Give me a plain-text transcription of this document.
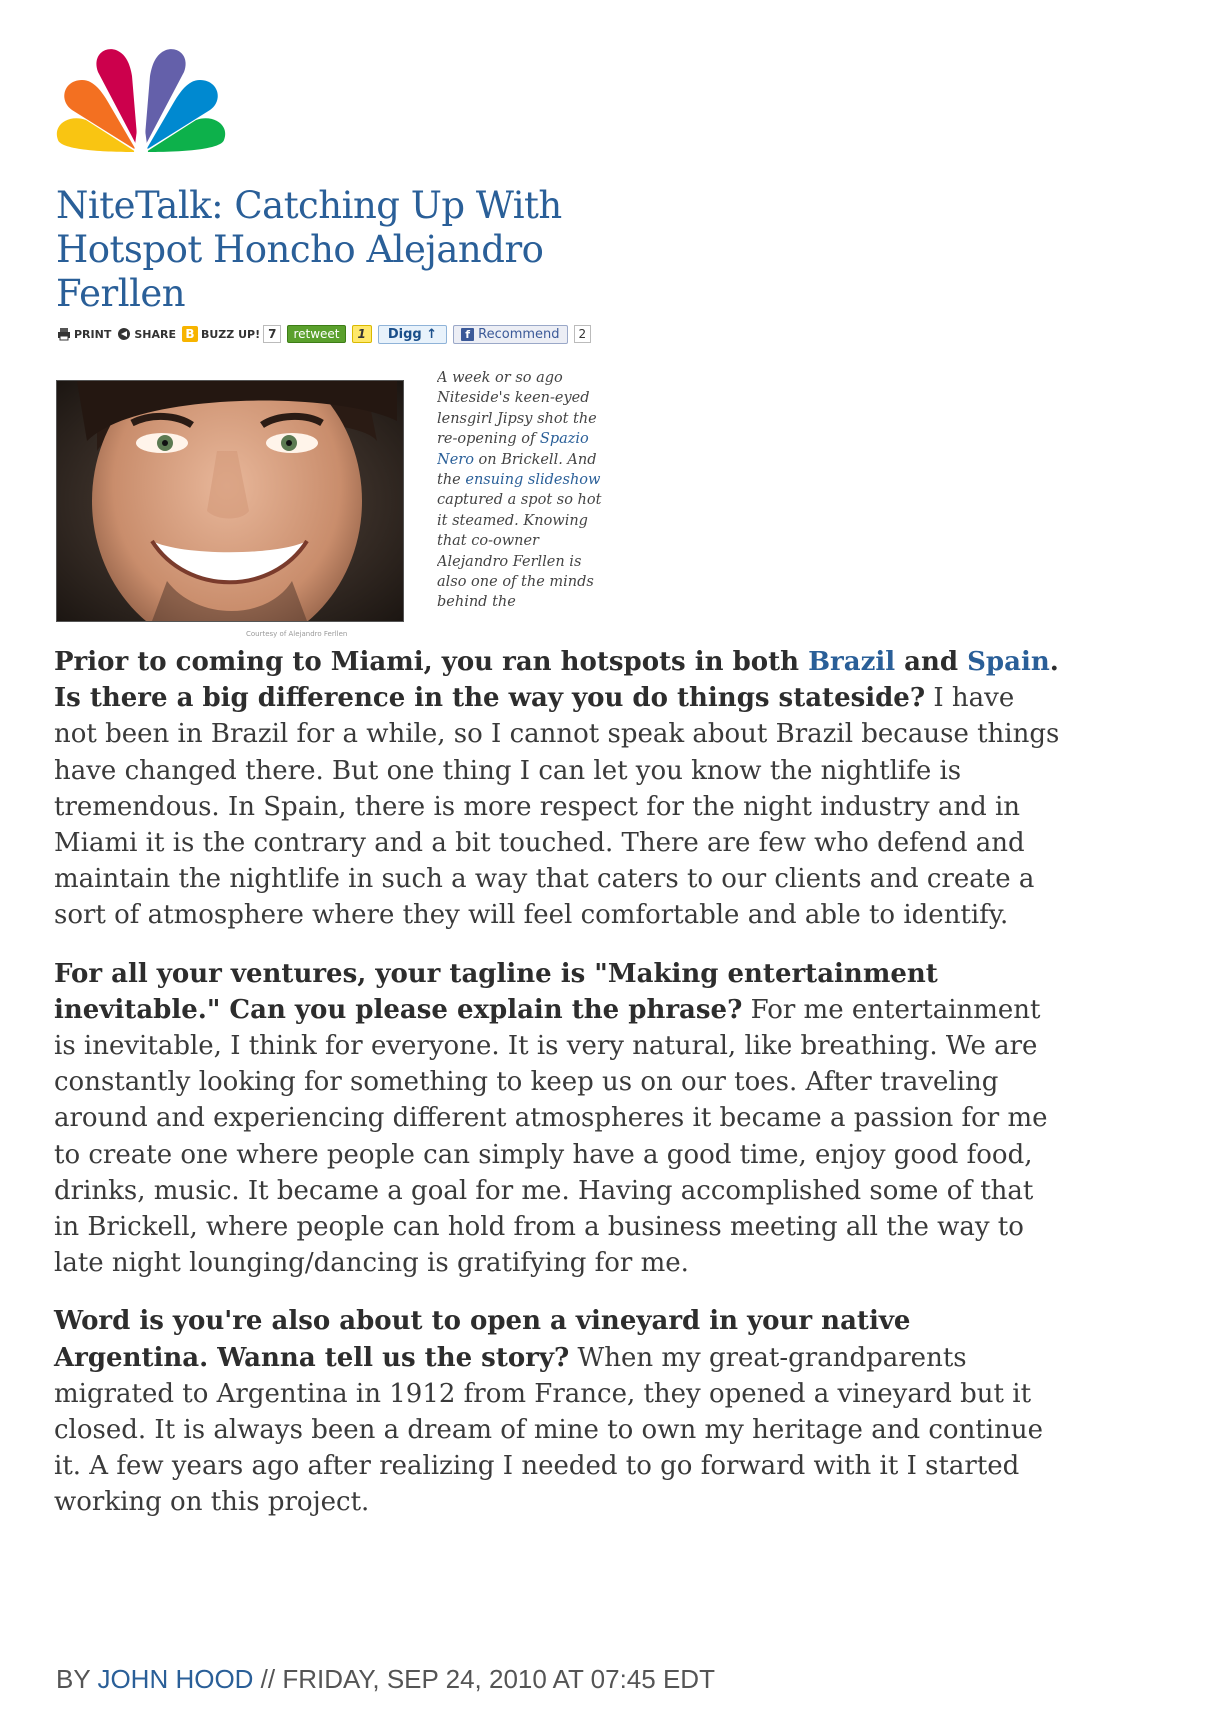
NiteTalk: Catching Up With Hotspot Honcho Alejandro Ferllen
PRINT SHARE B BUZZ UP! 7	retweet	1	Digg ↑	f Recommend	2
Courtesy of Alejandro Ferllen
A week or so ago Niteside's keen-eyed lensgirl Jipsy shot the re-opening of Spazio Nero on Brickell. And the ensuing slideshow captured a spot so hot it steamed. Knowing that co-owner Alejandro Ferllen is also one of the minds behind the

Prior to coming to Miami, you ran hotspots in both Brazil and Spain. Is there a big difference in the way you do things stateside? I have not been in Brazil for a while, so I cannot speak about Brazil because things have changed there. But one thing I can let you know the nightlife is tremendous. In Spain, there is more respect for the night industry and in Miami it is the contrary and a bit touched. There are few who defend and maintain the nightlife in such a way that caters to our clients and create a sort of atmosphere where they will feel comfortable and able to identify.

For all your ventures, your tagline is "Making entertainment inevitable." Can you please explain the phrase? For me entertainment is inevitable, I think for everyone. It is very natural, like breathing. We are constantly looking for something to keep us on our toes. After traveling around and experiencing different atmospheres it became a passion for me to create one where people can simply have a good time, enjoy good food, drinks, music. It became a goal for me. Having accomplished some of that in Brickell, where people can hold from a business meeting all the way to late night lounging/dancing is gratifying for me.

Word is you're also about to open a vineyard in your native Argentina. Wanna tell us the story? When my great-grandparents migrated to Argentina in 1912 from France, they opened a vineyard but it closed. It is always been a dream of mine to own my heritage and continue it. A few years ago after realizing I needed to go forward with it I started working on this project.

BY JOHN HOOD // FRIDAY, SEP 24, 2010 AT 07:45 EDT
